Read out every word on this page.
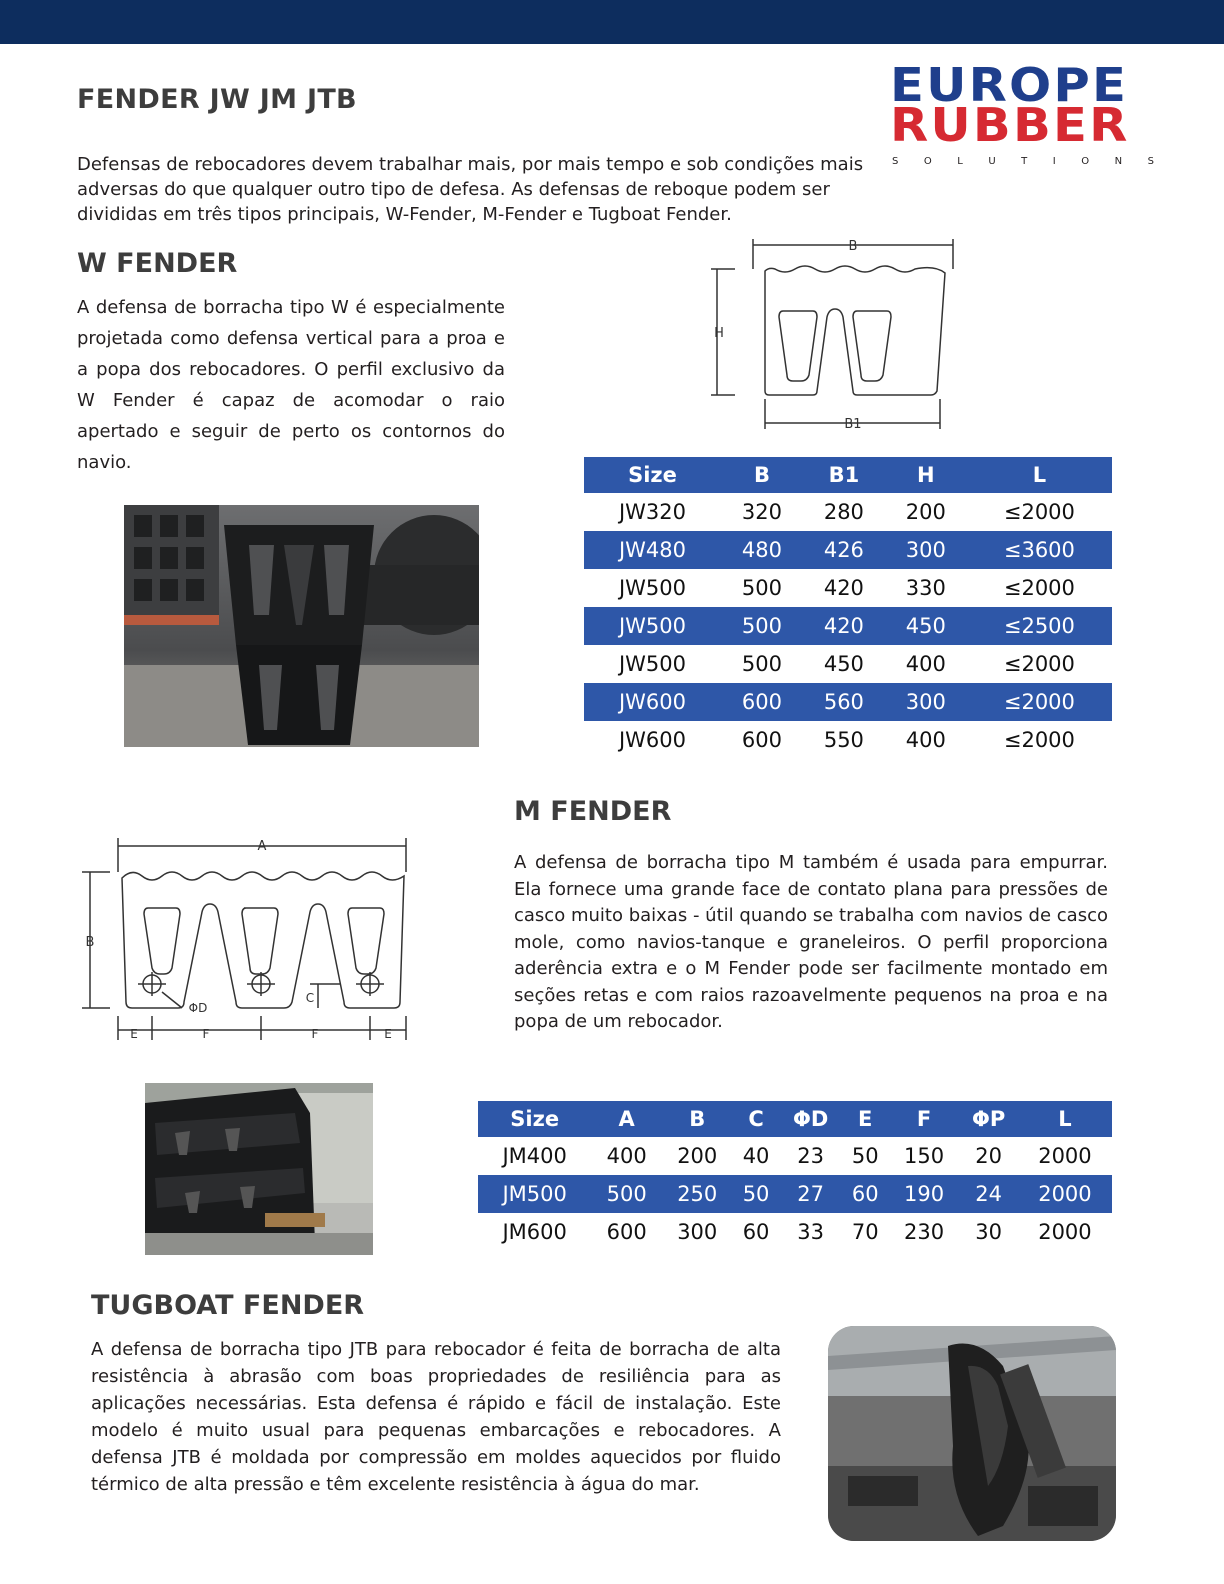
EUROPE
RUBBER
S	O	L	U	T	I	O	N	S
FENDER JW JM JTB

Defensas de rebocadores devem trabalhar mais, por mais tempo e sob condições mais adversas do que qualquer outro tipo de defesa. As defensas de reboque podem ser divididas em três tipos principais, W-Fender, M-Fender e Tugboat Fender.

W FENDER

A defensa de borracha tipo W é especialmente projetada como defensa vertical para a proa e a popa dos rebocadores. O perfil exclusivo da W Fender é capaz de acomodar o raio apertado e seguir de perto os contornos do navio.

B
B1
H
Size	B	B1	H	L
JW320	320	280	200	≤2000
JW480	480	426	300	≤3600
JW500	500	420	330	≤2000
JW500	500	420	450	≤2500
JW500	500	450	400	≤2000
JW600	600	560	300	≤2000
JW600	600	550	400	≤2000
M FENDER

A defensa de borracha tipo M também é usada para empurrar. Ela fornece uma grande face de contato plana para pressões de casco muito baixas - útil quando se trabalha com navios de casco mole, como navios-tanque e graneleiros. O perfil proporciona aderência extra e o M Fender pode ser facilmente montado em seções retas e com raios razoavelmente pequenos na proa e na popa de um rebocador.

A
B
C
ΦD
E	F	F	E
Size	A	B	C	ΦD	E	F	ΦP	L
JM400	400	200	40	23	50	150	20	2000
JM500	500	250	50	27	60	190	24	2000
JM600	600	300	60	33	70	230	30	2000
TUGBOAT FENDER

A defensa de borracha tipo JTB para rebocador é feita de borracha de alta resistência à abrasão com boas propriedades de resiliência para as aplicações necessárias. Esta defensa é rápido e fácil de instalação. Este modelo é muito usual para pequenas embarcações e rebocadores. A defensa JTB é moldada por compressão em moldes aquecidos por fluido térmico de alta pressão e têm excelente resistência à água do mar.
